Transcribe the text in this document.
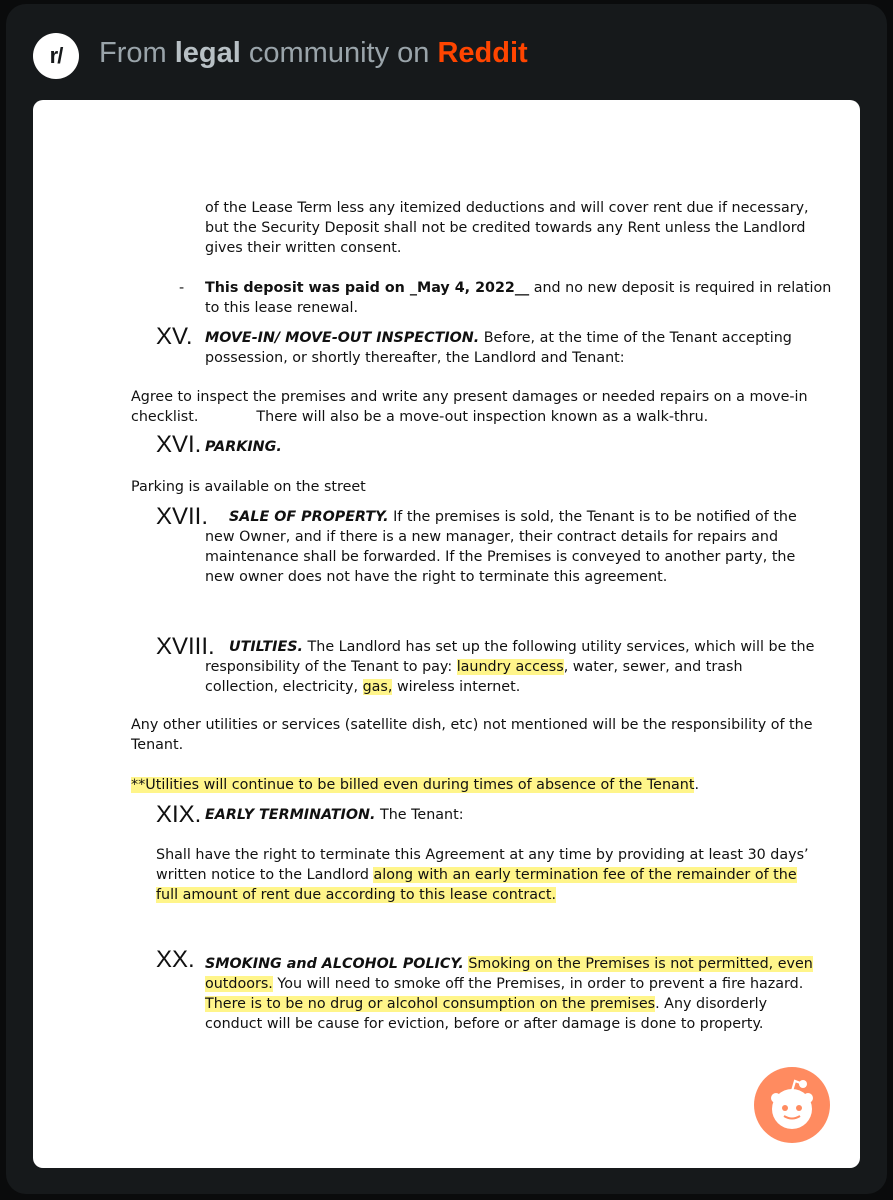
r/ From legal community on Reddit
of the Lease Term less any itemized deductions and will cover rent due if necessary,
but the Security Deposit shall not be credited towards any Rent unless the Landlord
gives their written consent.
- This deposit was paid on _May 4, 2022__ and no new deposit is required in relation
to this lease renewal.
XV. MOVE-IN/ MOVE-OUT INSPECTION. Before, at the time of the Tenant accepting
possession, or shortly thereafter, the Landlord and Tenant:
Agree to inspect the premises and write any present damages or needed repairs on a move-in
checklist.	There will also be a move-out inspection known as a walk-thru.
XVI. PARKING.
Parking is available on the street
XVII.	SALE OF PROPERTY. If the premises is sold, the Tenant is to be notified of the
new Owner, and if there is a new manager, their contract details for repairs and
maintenance shall be forwarded. If the Premises is conveyed to another party, the
new owner does not have the right to terminate this agreement.
XVIII.	UTILTIES. The Landlord has set up the following utility services, which will be the
responsibility of the Tenant to pay: laundry access, water, sewer, and trash
collection, electricity, gas, wireless internet.
Any other utilities or services (satellite dish, etc) not mentioned will be the responsibility of the
Tenant.
**Utilities will continue to be billed even during times of absence of the Tenant.
XIX. EARLY TERMINATION. The Tenant:
Shall have the right to terminate this Agreement at any time by providing at least 30 days’
written notice to the Landlord along with an early termination fee of the remainder of the
full amount of rent due according to this lease contract.
XX. SMOKING and ALCOHOL POLICY. Smoking on the Premises is not permitted, even
outdoors. You will need to smoke off the Premises, in order to prevent a fire hazard.
There is to be no drug or alcohol consumption on the premises. Any disorderly
conduct will be cause for eviction, before or after damage is done to property.
